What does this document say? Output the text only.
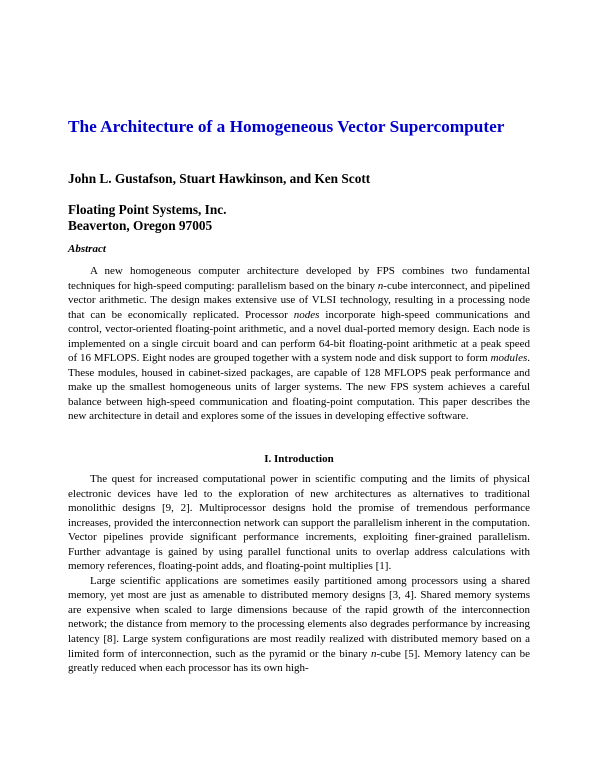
The Architecture of a Homogeneous Vector Supercomputer
John L. Gustafson, Stuart Hawkinson, and Ken Scott
Floating Point Systems, Inc.
Beaverton, Oregon 97005
Abstract

A new homogeneous computer architecture developed by FPS combines two fundamental techniques for high-speed computing: parallelism based on the binary n-cube interconnect, and pipelined vector arithmetic. The design makes extensive use of VLSI technology, resulting in a processing node that can be economically replicated. Processor nodes incorporate high-speed communications and control, vector-oriented floating-point arithmetic, and a novel dual-ported memory design. Each node is implemented on a single circuit board and can perform 64-bit floating-point arithmetic at a peak speed of 16 MFLOPS. Eight nodes are grouped together with a system node and disk support to form modules. These modules, housed in cabinet-sized packages, are capable of 128 MFLOPS peak performance and make up the smallest homogeneous units of larger systems. The new FPS system achieves a careful balance between high-speed communication and floating-point computation. This paper describes the new architecture in detail and explores some of the issues in developing effective software.

I. Introduction

The quest for increased computational power in scientific computing and the limits of physical electronic devices have led to the exploration of new architectures as alternatives to traditional monolithic designs [9, 2]. Multiprocessor designs hold the promise of tremendous performance increases, provided the interconnection network can support the parallelism inherent in the computation. Vector pipelines provide significant performance increments, exploiting finer-grained parallelism. Further advantage is gained by using parallel functional units to overlap address calculations with memory references, floating-point adds, and floating-point multiplies [1].

Large scientific applications are sometimes easily partitioned among processors using a shared memory, yet most are just as amenable to distributed memory designs [3, 4]. Shared memory systems are expensive when scaled to large dimensions because of the rapid growth of the interconnection network; the distance from memory to the processing elements also degrades performance by increasing latency [8]. Large system configurations are most readily realized with distributed memory based on a limited form of interconnection, such as the pyramid or the binary n-cube [5]. Memory latency can be greatly reduced when each processor has its own high-
